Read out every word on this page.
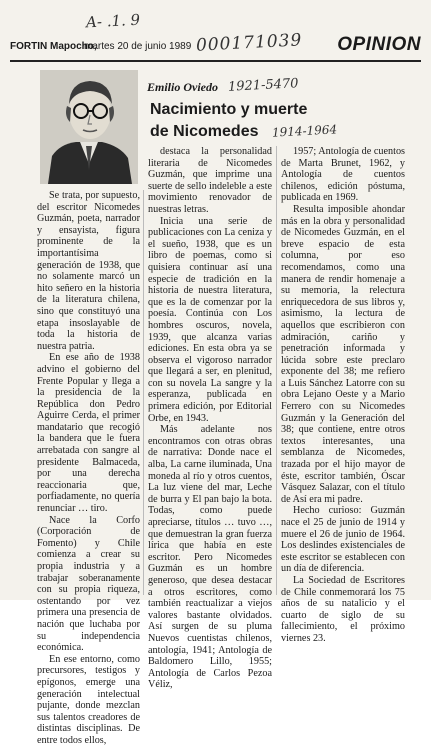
A- .1. 9
000171039
1921-5470
1914-1964
FORTIN Mapocho,
martes 20 de junio 1989	OPINION
Emilio Oviedo
Nacimiento y muerte
de Nicomedes

Se trata, por supuesto, del escritor Nicomedes Guzmán, poeta, narrador y ensayista, figura prominente de la importantísima generación de 1938, que no solamente marcó un hito señero en la historia de la literatura chilena, sino que constituyó una etapa insoslayable de toda la historia de nuestra patria.

En ese año de 1938 advino el gobierno del Frente Popular y llega a la presidencia de la República don Pedro Aguirre Cerda, el primer mandatario que recogió la bandera que le fuera arrebatada con sangre al presidente Balmaceda, por una derecha reaccionaria que, porfiadamente, no quería renunciar … tiro.

Nace la Corfo (Corporación de Fomento) y Chile comienza a crear su propia industria y a trabajar soberanamente con su propia riqueza, ostentando por vez primera una presencia de nación que luchaba por su independencia económica.

En ese entorno, como precursores, testigos y epígonos, emerge una generación intelectual pujante, donde mezclan sus talentos creadores de distintas disciplinas. De entre todos ellos,

destaca la personalidad literaria de Nicomedes Guzmán, que imprime una suerte de sello indeleble a este movimiento renovador de nuestras letras.

Inicia una serie de publicaciones con La ceniza y el sueño, 1938, que es un libro de poemas, como si quisiera continuar así una especie de tradición en la historia de nuestra literatura, que es la de comenzar por la poesía. Continúa con Los hombres oscuros, novela, 1939, que alcanza varias ediciones. En esta obra ya se observa el vigoroso narrador que llegará a ser, en plenitud, con su novela La sangre y la esperanza, publicada en primera edición, por Editorial Orbe, en 1943.

Más adelante nos encontramos con otras obras de narrativa: Donde nace el alba, La carne iluminada, Una moneda al río y otros cuentos, La luz viene del mar, Leche de burra y El pan bajo la bota. Todas, como puede apreciarse, títulos … tuvo …, que demuestran la gran fuerza lírica que había en este escritor. Pero Nicomedes Guzmán es un hombre generoso, que desea destacar a otros escritores, como también reactualizar a viejos valores bastante olvidados. Así surgen de su pluma Nuevos cuentistas chilenos, antología, 1941; Antología de Baldomero Lillo, 1955; Antología de Carlos Pezoa Véliz,

1957; Antología de cuentos de Marta Brunet, 1962, y Antología de cuentos chilenos, edición póstuma, publicada en 1969.

Resulta imposible ahondar más en la obra y personalidad de Nicomedes Guzmán, en el breve espacio de esta columna, por eso recomendamos, como una manera de rendir homenaje a su memoria, la relectura enriquecedora de sus libros y, asimismo, la lectura de aquellos que escribieron con admiración, cariño y penetración informada y lúcida sobre este preclaro exponente del 38; me refiero a Luis Sánchez Latorre con su obra Lejano Oeste y a Mario Ferrero con su Nicomedes Guzmán y la Generación del 38; que contiene, entre otros textos interesantes, una semblanza de Nicomedes, trazada por el hijo mayor de éste, escritor también, Óscar Vásquez Salazar, con el título de Así era mi padre.

Hecho curioso: Guzmán nace el 25 de junio de 1914 y muere el 26 de junio de 1964. Los deslindes existenciales de este escritor se establecen con un día de diferencia.

La Sociedad de Escritores de Chile conmemorará los 75 años de su natalicio y el cuarto de siglo de su fallecimiento, el próximo viernes 23.
